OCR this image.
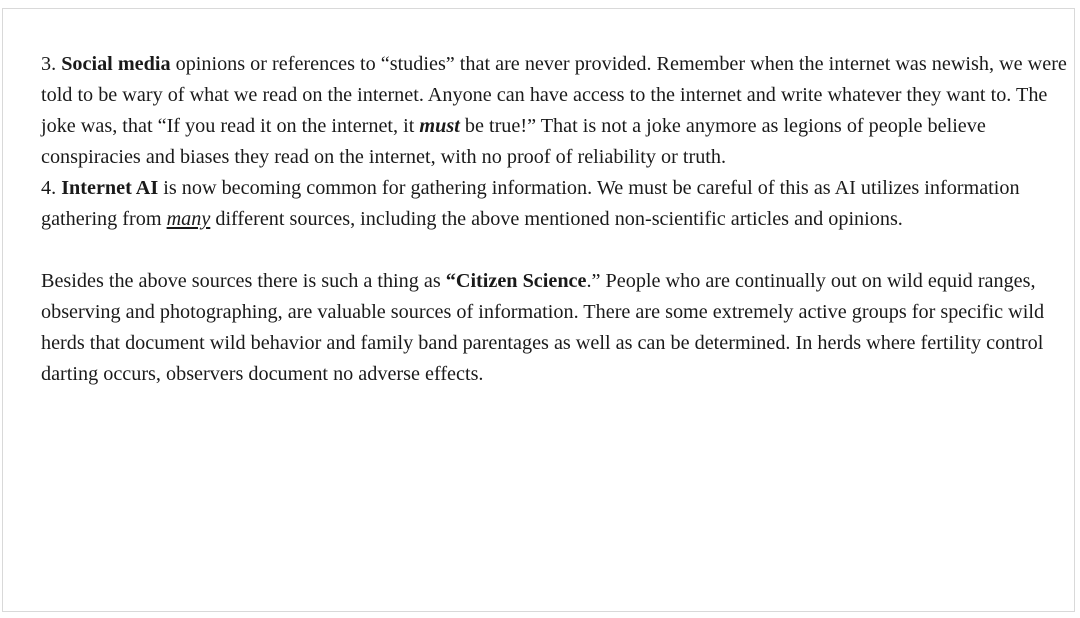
3. Social media opinions or references to “studies” that are never provided. Remember when the internet was newish, we were told to be wary of what we read on the internet. Anyone can have access to the internet and write whatever they want to. The joke was, that “If you read it on the internet, it must be true!” That is not a joke anymore as legions of people believe conspiracies and biases they read on the internet, with no proof of reliability or truth.

4. Internet AI is now becoming common for gathering information. We must be careful of this as AI utilizes information gathering from many different sources, including the above mentioned non-scientific articles and opinions.

Besides the above sources there is such a thing as “Citizen Science.” People who are continually out on wild equid ranges, observing and photographing, are valuable sources of information. There are some extremely active groups for specific wild herds that document wild behavior and family band parentages as well as can be determined. In herds where fertility control darting occurs, observers document no adverse effects.
